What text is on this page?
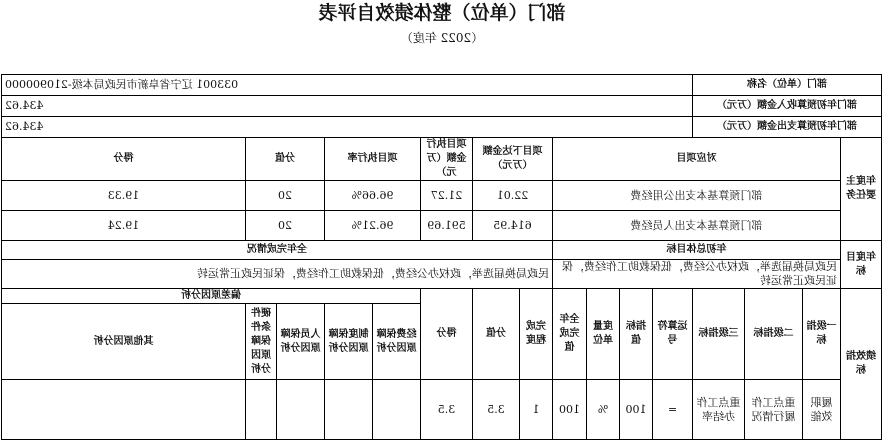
部门（单位）整体绩效自评表
（2022 年度）
部门（单位）名称				033001 辽宁省阜新市民政局本级-210900000												
部门年初预算收入金额（万元）				434.62												
部门年初预算支出金额（万元）				434.62												
年度主要任务	对应项目							项目下达金额（万元）		项目执行金额（万元）	项目执行率		分值		得分	
	部门预算基本支出公用经费							22.01		21.27	96.66%		20		19.33	
	部门预算基本支出人员经费							614.95		591.69	96.21%		20		19.24	
年度目标	年初总体目标							全年完成情况								
	民政局换届选举，政权办公经费，低保救助工作经费，保证民政正常运转							民政局换届选举，政权办公经费，低保救助工作经费，保证民政正常运转								
绩效指标	一级指标	二级指标	三级指标	运算符号	指标值	度量单位	全年完成值	完成程度	分值	得分	偏差原因分析	
											经费保障原因分析	制度保障原因分析	人员保障原因分析	硬件条件保障原因分析	其他原因分析	
	履职效能	重点工作履行情况	重点工作办结率	=	100	%	100	1	3.5	3.5						
